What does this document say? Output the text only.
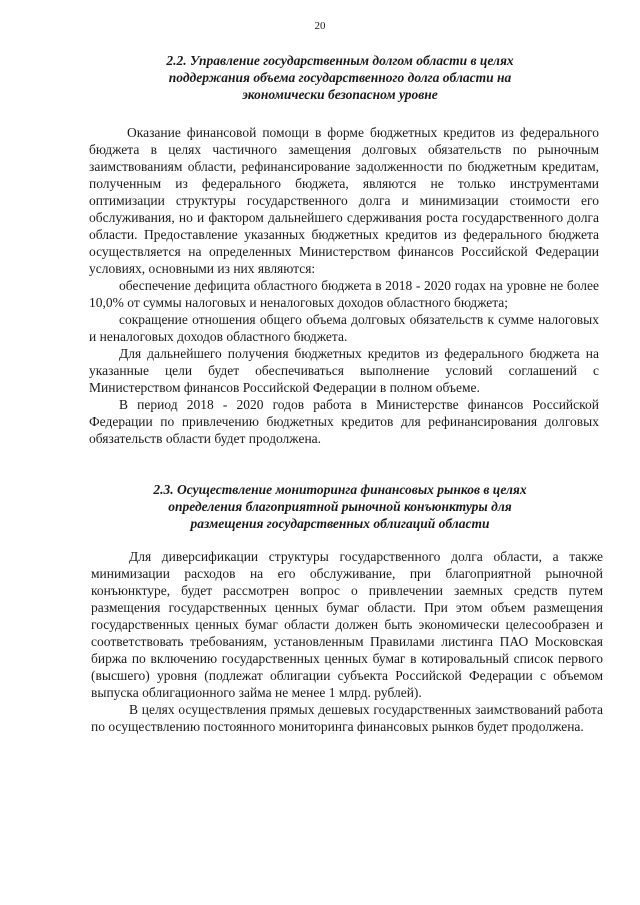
20
2.2. Управление государственным долгом области в целях
поддержания объема государственного долга области на
экономически безопасном уровне

Оказание финансовой помощи в форме бюджетных кредитов из федерального бюджета в целях частичного замещения долговых обязательств по рыночным заимствованиям области, рефинансирование задолженности по бюджетным кредитам, полученным из федерального бюджета, являются не только инструментами оптимизации структуры государственного долга и минимизации стоимости его обслуживания, но и фактором дальнейшего сдерживания роста государственного долга области. Предоставление указанных бюджетных кредитов из федерального бюджета осуществляется на определенных Министерством финансов Российской Федерации условиях, основными из них являются:

обеспечение дефицита областного бюджета в 2018 - 2020 годах на уровне не более 10,0% от суммы налоговых и неналоговых доходов областного бюджета;

сокращение отношения общего объема долговых обязательств к сумме налоговых и неналоговых доходов областного бюджета.

Для дальнейшего получения бюджетных кредитов из федерального бюджета на указанные цели будет обеспечиваться выполнение условий соглашений с Министерством финансов Российской Федерации в полном объеме.

В период 2018 - 2020 годов работа в Министерстве финансов Российской Федерации по привлечению бюджетных кредитов для рефинансирования долговых обязательств области будет продолжена.

2.3. Осуществление мониторинга финансовых рынков в целях
определения благоприятной рыночной конъюнктуры для
размещения государственных облигаций области

Для диверсификации структуры государственного долга области, а также минимизации расходов на его обслуживание, при благоприятной рыночной конъюнктуре, будет рассмотрен вопрос о привлечении заемных средств путем размещения государственных ценных бумаг области. При этом объем размещения государственных ценных бумаг области должен быть экономически целесообразен и соответствовать требованиям, установленным Правилами листинга ПАО Московская биржа по включению государственных ценных бумаг в котировальный список первого (высшего) уровня (подлежат облигации субъекта Российской Федерации с объемом выпуска облигационного займа не менее 1 млрд. рублей).

В целях осуществления прямых дешевых государственных заимствований работа по осуществлению постоянного мониторинга финансовых рынков будет продолжена.
